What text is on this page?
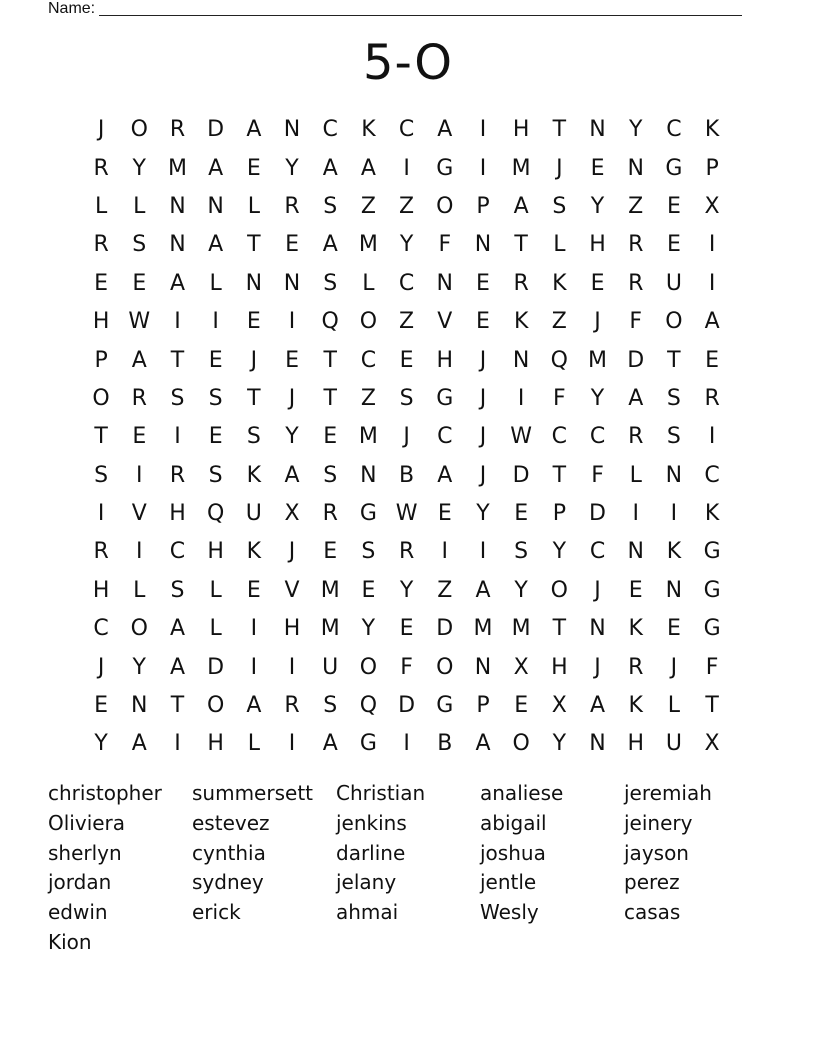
Name:
5-O
J	O R	D	A	N	C	K	C	A	I	H	T	N	Y	C	K
R	Y M A	E	Y	A	A	I	G	I	M	J	E	N G	P
L	L	N N	L	R	S	Z	Z O	P	A	S	Y	Z	E	X
R	S	N	A	T	E	A M Y	F	N	T	L	H	R	E	I
E	E	A	L	N N	S	L	C	N	E	R	K	E	R	U	I
H W	I	I	E	I	Q O Z	V	E	K	Z	J	F	O	A
P	A	T	E	J	E	T	C	E	H	J	N Q M D	T	E
O R	S	S	T	J	T	Z	S	G	J	I	F	Y	A	S	R
T	E	I	E	S	Y	E M	J	C	J	W C	C	R	S	I
S	I	R	S	K	A	S	N	B	A	J	D	T	F	L	N	C
I	V	H Q U	X	R	G W E	Y	E	P	D	I	I	K
R	I	C	H	K	J	E	S	R	I	I	S	Y	C	N	K	G
H	L	S	L	E	V M E	Y	Z	A	Y	O	J	E	N G
C O	A	L	I	H M Y	E	D M M T	N	K	E	G
J	Y	A	D	I	I	U O	F	O N	X	H	J	R	J	F
E	N	T	O	A	R	S	Q D G	P	E	X	A	K	L	T
Y	A	I	H	L	I	A	G	I	B	A O	Y	N H U	X
christopher	summersett	Christian	analiese	jeremiah
Oliviera	estevez	jenkins	abigail	jeinery
sherlyn	cynthia	darline	joshua	jayson
jordan	sydney	jelany	jentle	perez
edwin	erick	ahmai	Wesly	casas
Kion
